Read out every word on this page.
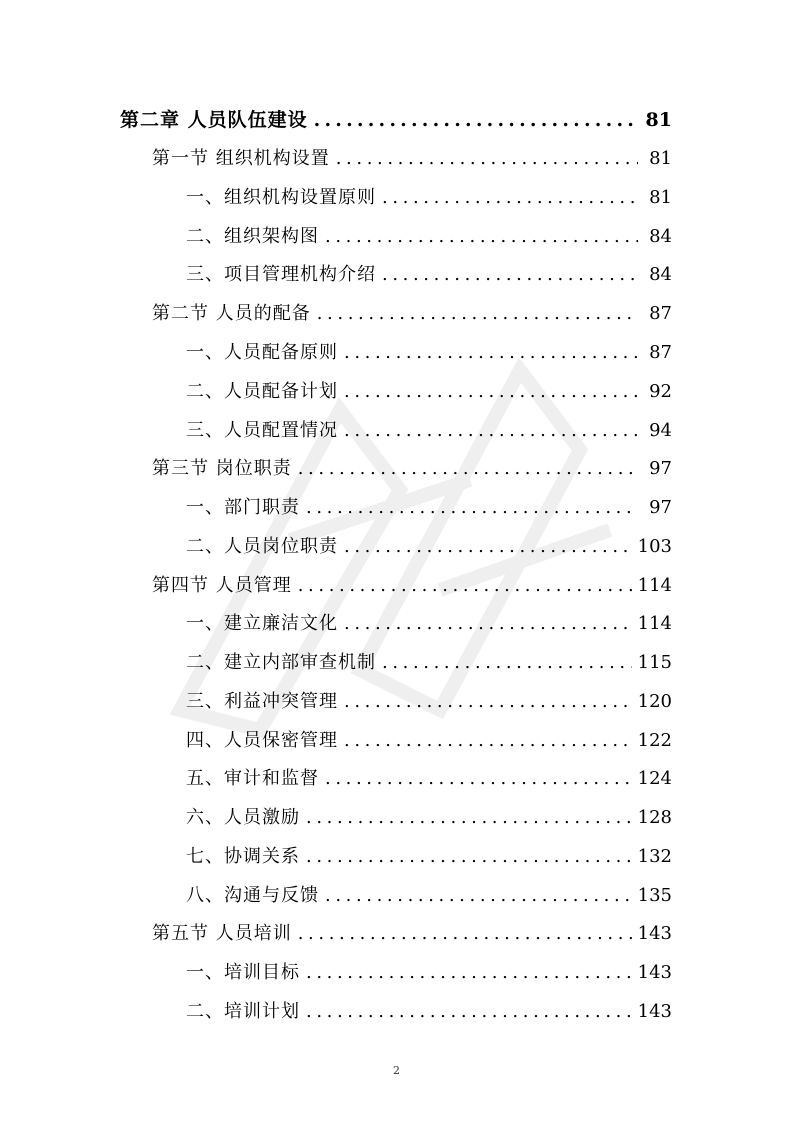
第二章 人员队伍建设 .....	81
第一节 组织机构设置 .....	81
一、组织机构设置原则 .....	81
二、组织架构图 .....	84
三、项目管理机构介绍 .....	84
第二节 人员的配备 .....	87
一、人员配备原则 .....	87
二、人员配备计划 .....	92
三、人员配置情况 .....	94
第三节 岗位职责 .....	97
一、部门职责 .....	97
二、人员岗位职责 .....	103
第四节 人员管理 .....	114
一、建立廉洁文化 .....	114
二、建立内部审查机制 .....	115
三、利益冲突管理 .....	120
四、人员保密管理 .....	122
五、审计和监督 .....	124
六、人员激励 .....	128
七、协调关系 .....	132
八、沟通与反馈 .....	135
第五节 人员培训 .....	143
一、培训目标 .....	143
二、培训计划 .....	143
2
